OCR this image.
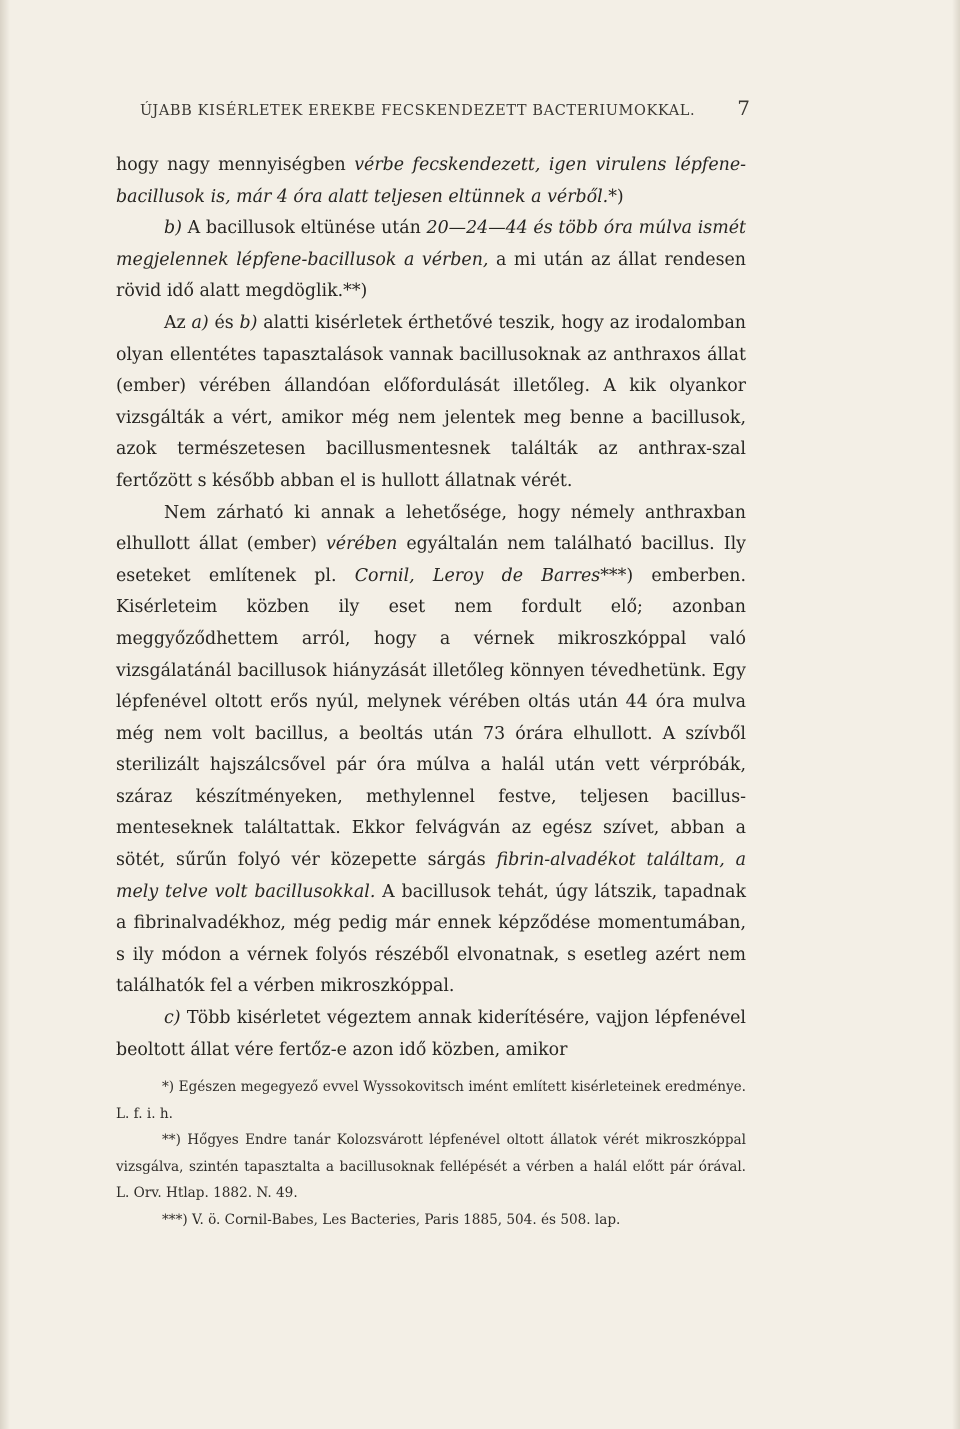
ÚJABB KISÉRLETEK EREKBE FECSKENDEZETT BACTERIUMOKKAL. 7

hogy nagy mennyiségben vérbe fecskendezett, igen virulens lépfene-bacillusok is, már 4 óra alatt teljesen eltünnek a vérből.*)

b) A bacillusok eltünése után 20—24—44 és több óra múlva ismét megjelennek lépfene-bacillusok a vérben, a mi után az állat rendesen rövid idő alatt megdöglik.**)

Az a) és b) alatti kisérletek érthetővé teszik, hogy az irodalomban olyan ellentétes tapasztalások vannak bacillusoknak az anthraxos állat (ember) vérében állandóan előfordulását illetőleg. A kik olyankor vizsgálták a vért, amikor még nem jelentek meg benne a bacillusok, azok természetesen bacillusmentesnek találták az anthrax-szal fertőzött s később abban el is hullott állatnak vérét.

Nem zárható ki annak a lehetősége, hogy némely anthraxban elhullott állat (ember) vérében egyáltalán nem található bacillus. Ily eseteket említenek pl. Cornil, Leroy de Barres***) emberben. Kisérleteim közben ily eset nem fordult elő; azonban meggyőződhettem arról, hogy a vérnek mikroszkóppal való vizsgálatánál bacillusok hiányzását illetőleg könnyen tévedhetünk. Egy lépfenével oltott erős nyúl, melynek vérében oltás után 44 óra mulva még nem volt bacillus, a beoltás után 73 órára elhullott. A szívből sterilizált hajszálcsővel pár óra múlva a halál után vett vérpróbák, száraz készítményeken, methylennel festve, teljesen bacillus-menteseknek találtattak. Ekkor felvágván az egész szívet, abban a sötét, sűrűn folyó vér közepette sárgás fibrin-alvadékot találtam, a mely telve volt bacillusokkal. A bacillusok tehát, úgy látszik, tapadnak a fibrinalvadékhoz, még pedig már ennek képződése momentumában, s ily módon a vérnek folyós részéből elvonatnak, s esetleg azért nem találhatók fel a vérben mikroszkóppal.

c) Több kisérletet végeztem annak kiderítésére, vajjon lépfenével beoltott állat vére fertőz-e azon idő közben, amikor

*) Egészen megegyező evvel Wyssokovitsch imént említett kisérleteinek eredménye. L. f. i. h.

**) Hőgyes Endre tanár Kolozsvárott lépfenével oltott állatok vérét mikroszkóppal vizsgálva, szintén tapasztalta a bacillusoknak fellépését a vérben a halál előtt pár órával. L. Orv. Htlap. 1882. N. 49.

***) V. ö. Cornil-Babes, Les Bacteries, Paris 1885, 504. és 508. lap.
